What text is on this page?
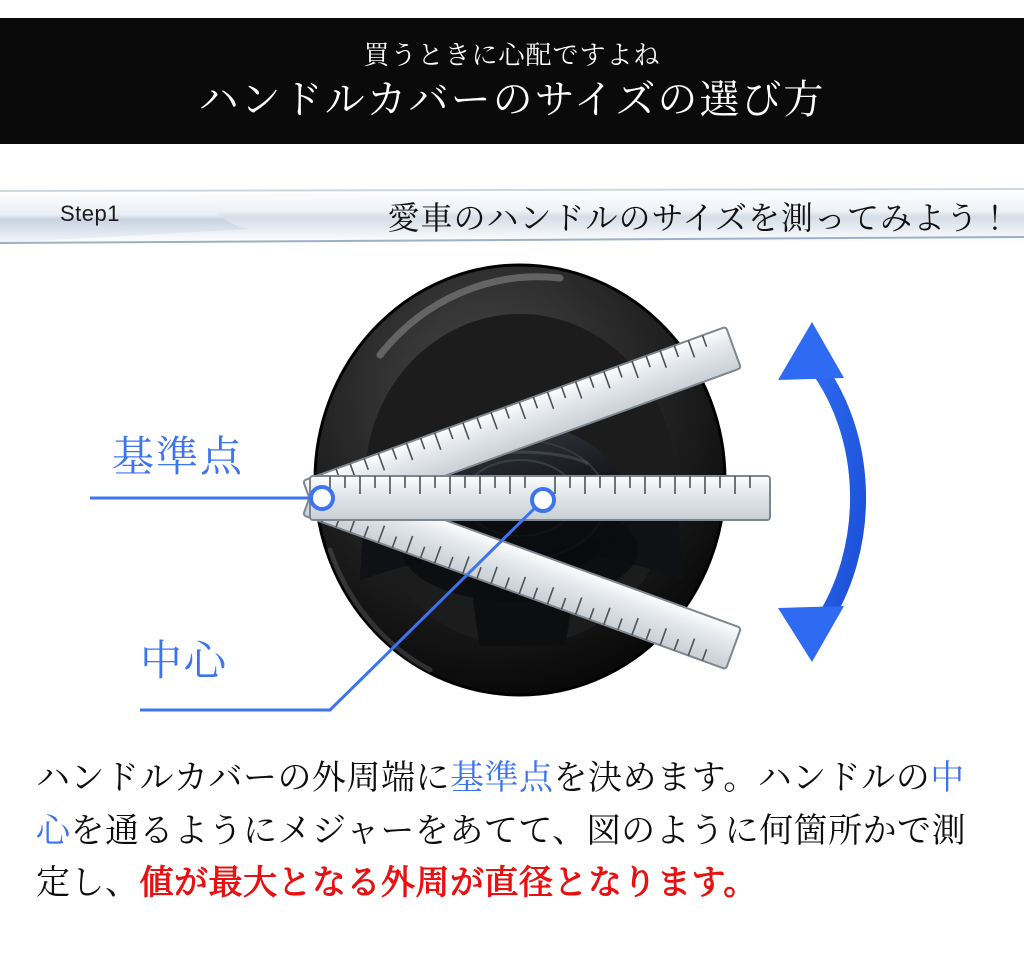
買うときに心配ですよね
ハンドルカバーのサイズの選び方
Step1	愛車のハンドルのサイズを測ってみよう！
基準点
中心
ハンドルカバーの外周端に基準点を決めます。ハンドルの中心を通るようにメジャーをあてて、図のように何箇所かで測定し、値が最大となる外周が直径となります。
